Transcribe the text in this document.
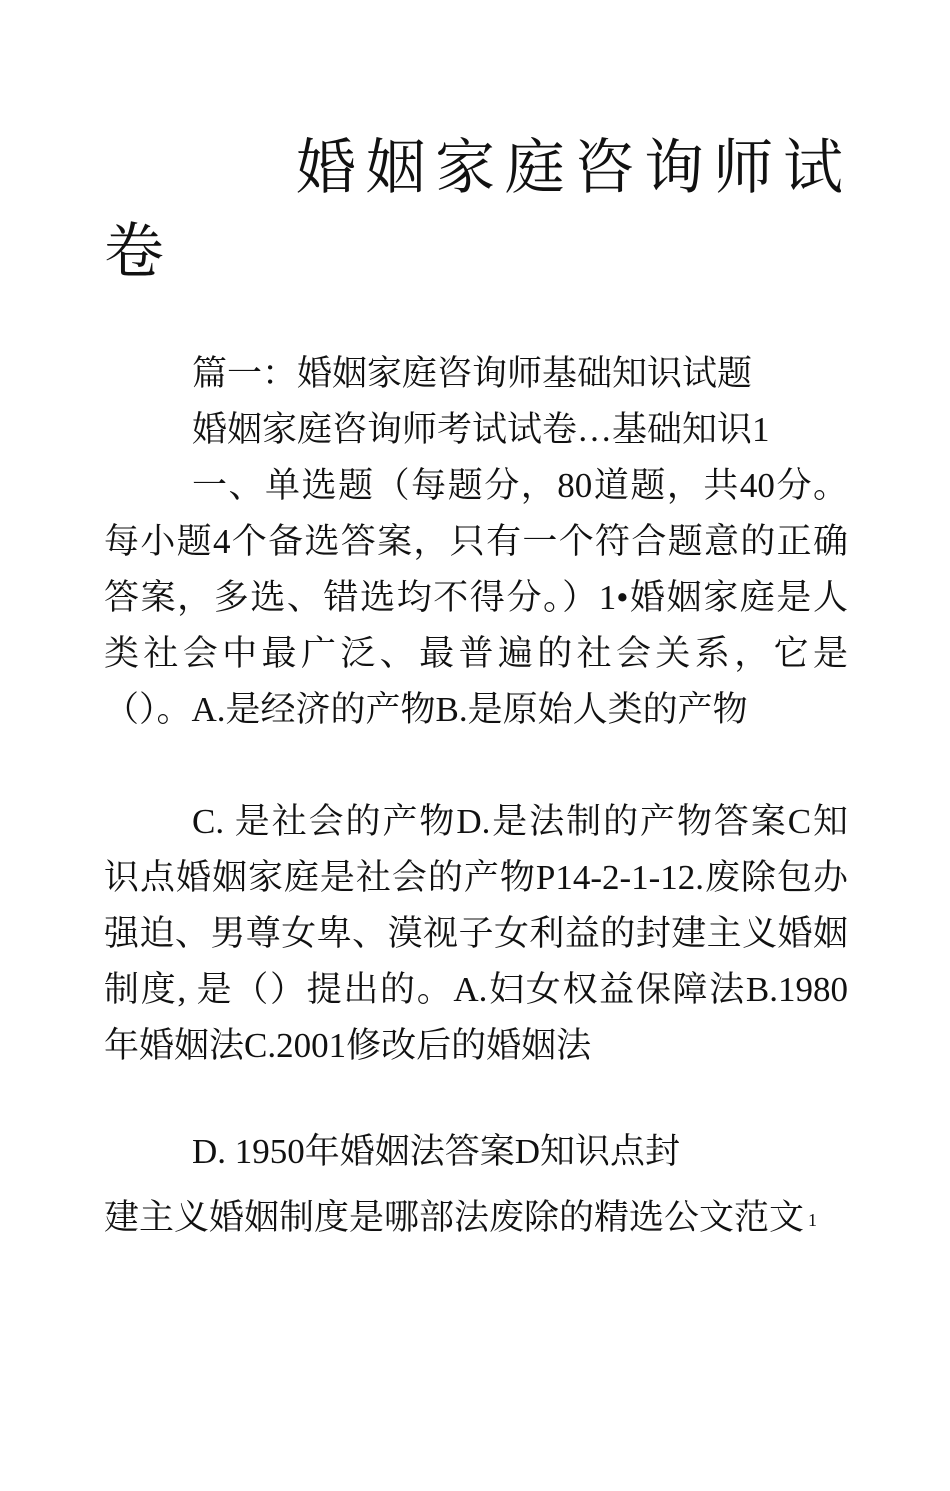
婚姻家庭咨询师试卷

篇一：婚姻家庭咨询师基础知识试题

婚姻家庭咨询师考试试卷…基础知识1

一、单选题（每题分，80道题，共40分。每小题4个备选答案，只有一个符合题意的正确答案，多选、错选均不得分。）1•婚姻家庭是人类社会中最广泛、最普遍的社会关系，它是（）。A.是经济的产物B.是原始人类的产物

C. 是社会的产物D.是法制的产物答案C知识点婚姻家庭是社会的产物P14-2-1-12.废除包办强迫、男尊女卑、漠视子女利益的封建主义婚姻制度, 是（）提出的。A.妇女权益保障法B.1980年婚姻法C.2001修改后的婚姻法

D. 1950年婚姻法答案D知识点封

建主义婚姻制度是哪部法废除的精选公文范文 $^1$
